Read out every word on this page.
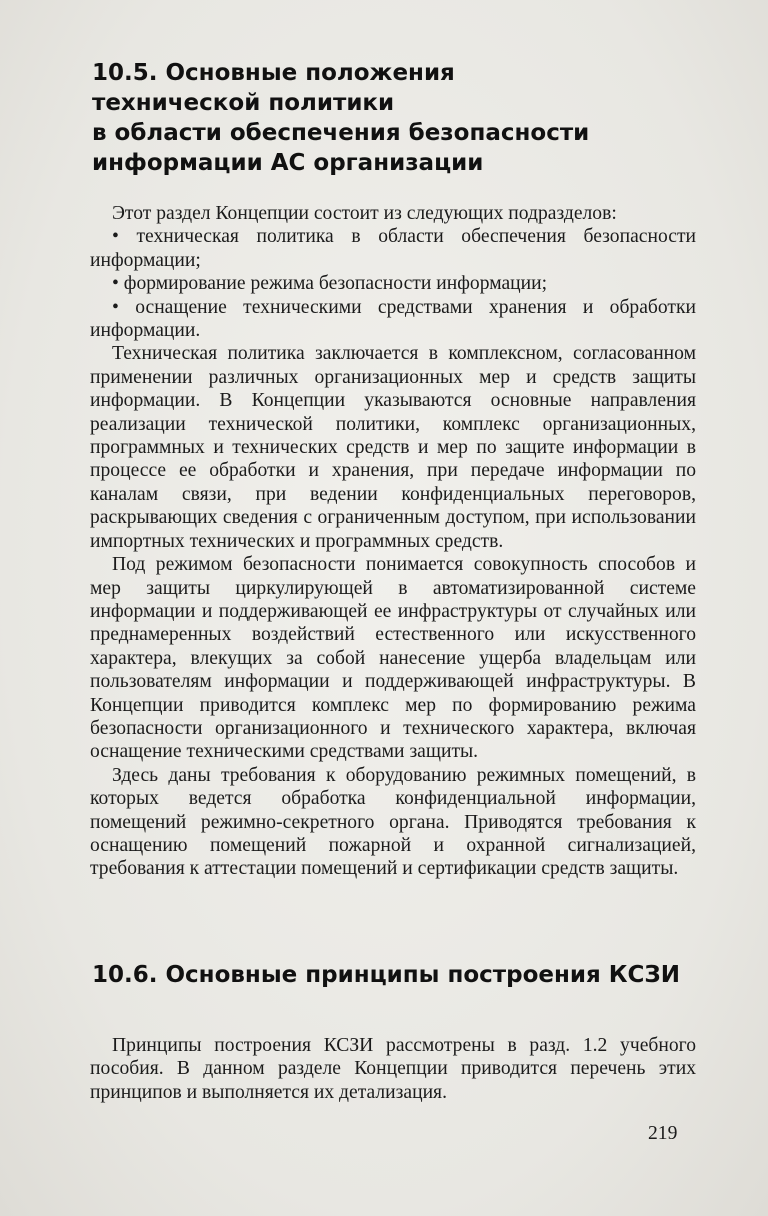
10.5. Основные положения
технической политики
в области обеспечения безопасности
информации АС организации

Этот раздел Концепции состоит из следующих подразделов:

• техническая политика в области обеспечения безопасности информации;

• формирование режима безопасности информации;

• оснащение техническими средствами хранения и обработки информации.

Техническая политика заключается в комплексном, согласованном применении различных организационных мер и средств защиты информации. В Концепции указываются основные направления реализации технической политики, комплекс организационных, программных и технических средств и мер по защите информации в процессе ее обработки и хранения, при передаче информации по каналам связи, при ведении конфиденциальных переговоров, раскрывающих сведения с ограниченным доступом, при использовании импортных технических и программных средств.

Под режимом безопасности понимается совокупность способов и мер защиты циркулирующей в автоматизированной системе информации и поддерживающей ее инфраструктуры от случайных или преднамеренных воздействий естественного или искусственного характера, влекущих за собой нанесение ущерба владельцам или пользователям информации и поддерживающей инфраструктуры. В Концепции приводится комплекс мер по формированию режима безопасности организационного и технического характера, включая оснащение техническими средствами защиты.

Здесь даны требования к оборудованию режимных помещений, в которых ведется обработка конфиденциальной информации, помещений режимно-секретного органа. Приводятся требования к оснащению помещений пожарной и охранной сигнализацией, требования к аттестации помещений и сертификации средств защиты.

10.6. Основные принципы построения КСЗИ

Принципы построения КСЗИ рассмотрены в разд. 1.2 учебного пособия. В данном разделе Концепции приводится перечень этих принципов и выполняется их детализация.

219
